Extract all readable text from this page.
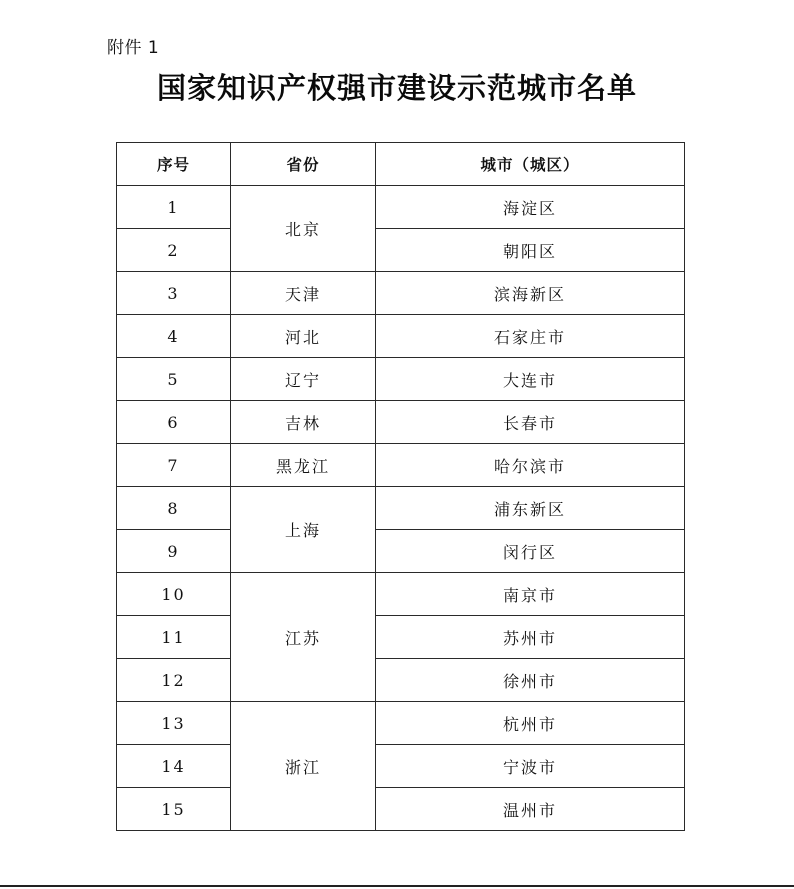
附件 1
国家知识产权强市建设示范城市名单
序号	省份	城市（城区）
1	北京	海淀区
2		朝阳区
3	天津	滨海新区
4	河北	石家庄市
5	辽宁	大连市
6	吉林	长春市
7	黑龙江	哈尔滨市
8	上海	浦东新区
9		闵行区
10	江苏	南京市
11		苏州市
12		徐州市
13	浙江	杭州市
14		宁波市
15		温州市
